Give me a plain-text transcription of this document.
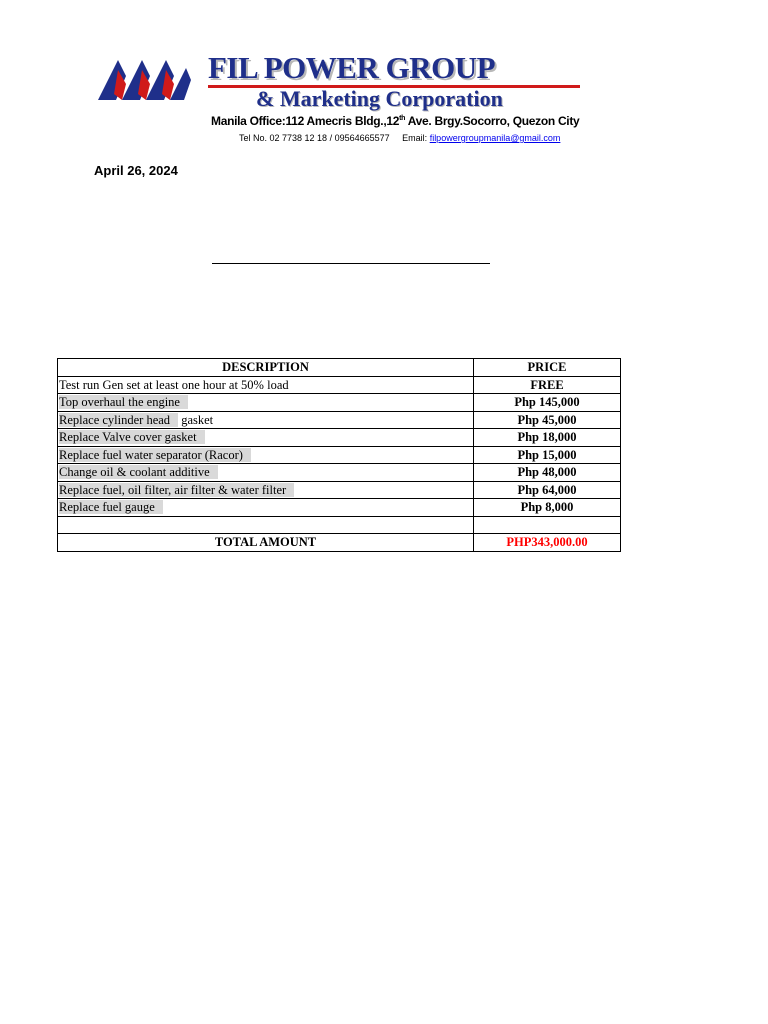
FIL POWER GROUP
& Marketing Corporation
Manila Office:112 Amecris Bldg.,12th Ave. Brgy.Socorro, Quezon City
Tel No. 02 7738 12 18 / 09564665577 Email: filpowergroupmanila@gmail.com
April 26, 2024
DESCRIPTION	PRICE
Test run Gen set at least one hour at 50% load	FREE
Top overhaul the engine	Php 145,000
Replace cylinder head gasket	Php 45,000
Replace Valve cover gasket	Php 18,000
Replace fuel water separator (Racor)	Php 15,000
Change oil & coolant additive	Php 48,000
Replace fuel, oil filter, air filter & water filter	Php 64,000
Replace fuel gauge	Php 8,000

TOTAL AMOUNT	PHP343,000.00
